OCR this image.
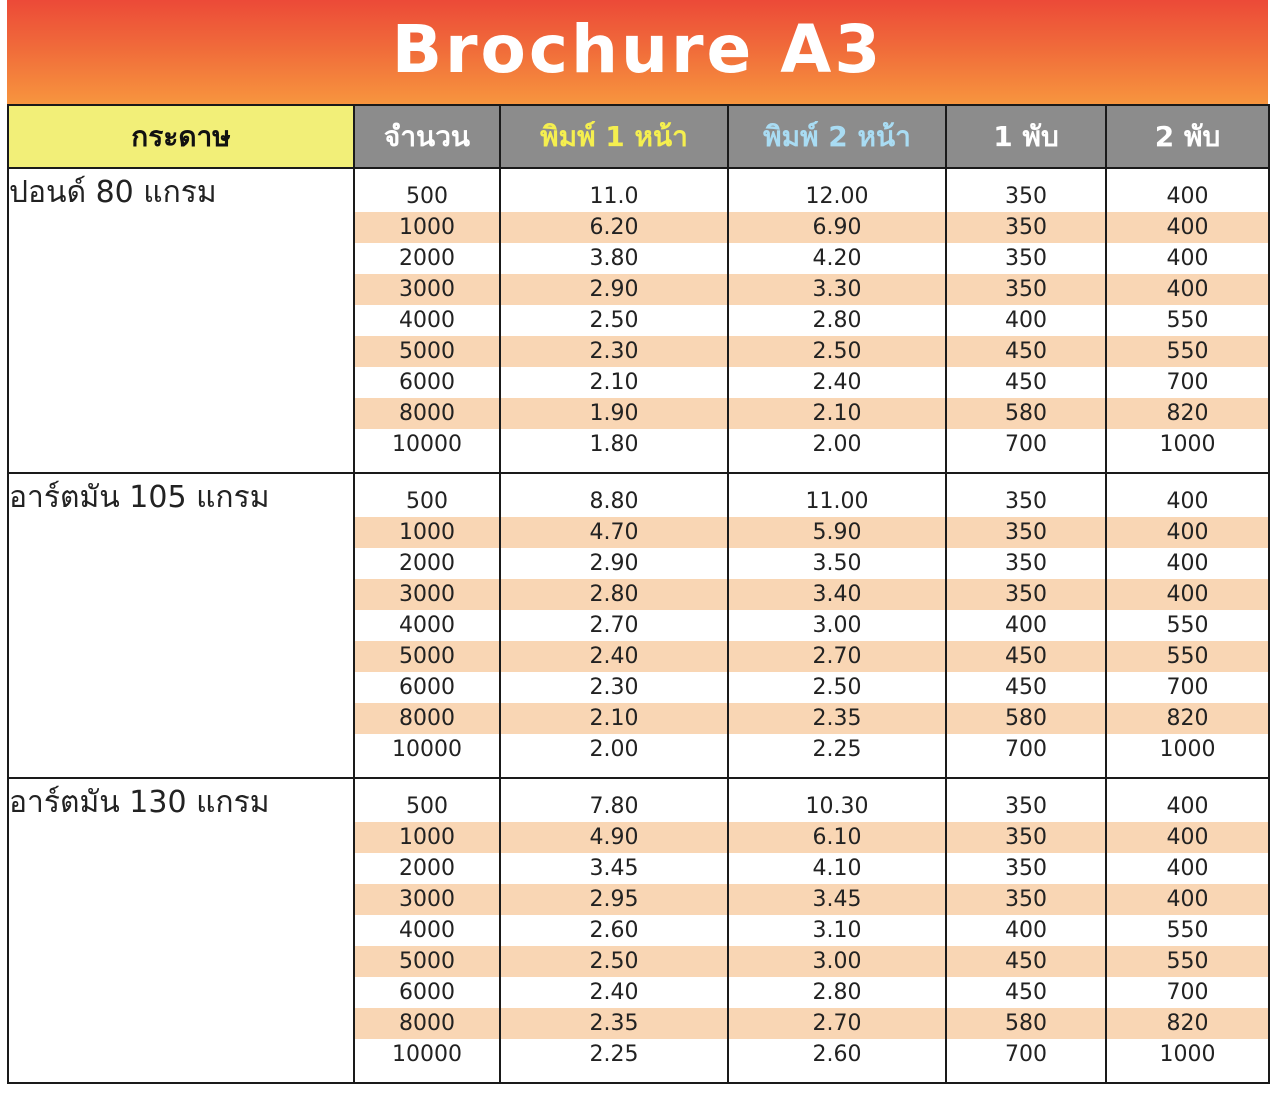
Brochure A3
กระดาษ	จำนวน	พิมพ์ 1 หน้า	พิมพ์ 2 หน้า	1 พับ	2 พับ
ปอนด์ 80 แกรม	500	11.0	12.00	350	400
	1000	6.20	6.90	350	400
	2000	3.80	4.20	350	400
	3000	2.90	3.30	350	400
	4000	2.50	2.80	400	550
	5000	2.30	2.50	450	550
	6000	2.10	2.40	450	700
	8000	1.90	2.10	580	820
	10000	1.80	2.00	700	1000
อาร์ตมัน 105 แกรม	500	8.80	11.00	350	400
	1000	4.70	5.90	350	400
	2000	2.90	3.50	350	400
	3000	2.80	3.40	350	400
	4000	2.70	3.00	400	550
	5000	2.40	2.70	450	550
	6000	2.30	2.50	450	700
	8000	2.10	2.35	580	820
	10000	2.00	2.25	700	1000
อาร์ตมัน 130 แกรม	500	7.80	10.30	350	400
	1000	4.90	6.10	350	400
	2000	3.45	4.10	350	400
	3000	2.95	3.45	350	400
	4000	2.60	3.10	400	550
	5000	2.50	3.00	450	550
	6000	2.40	2.80	450	700
	8000	2.35	2.70	580	820
	10000	2.25	2.60	700	1000
